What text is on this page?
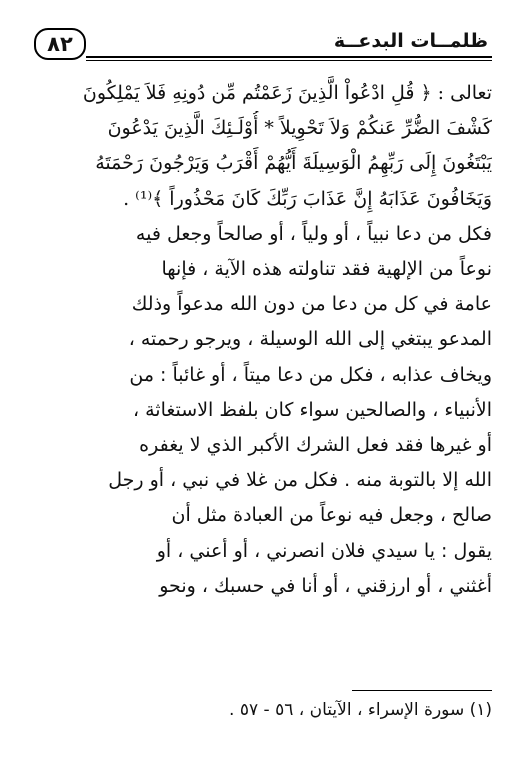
٨٢	ظلمــات البدعــة
تعالى : ﴿ قُلِ ادْعُواْ الَّذِينَ زَعَمْتُم مِّن دُونِهِ فَلاَ يَمْلِكُونَ
كَشْفَ الضُّرِّ عَنكُمْ وَلاَ تَحْوِيلاً * أُوْلَـئِكَ الَّذِينَ يَدْعُونَ
يَبْتَغُونَ إِلَى رَبِّهِمُ الْوَسِيلَةَ أَيُّهُمْ أَقْرَبُ وَيَرْجُونَ رَحْمَتَهُ
وَيَخَافُونَ عَذَابَهُ إِنَّ عَذَابَ رَبِّكَ كَانَ مَحْذُوراً ﴾⁽¹⁾ .
فكل من دعا نبياً ، أو ولياً ، أو صالحاً وجعل فيه
نوعاً من الإلهية فقد تناولته هذه الآية ، فإنها
عامة في كل من دعا من دون الله مدعواً وذلك
المدعو يبتغي إلى الله الوسيلة ، ويرجو رحمته ،
ويخاف عذابه ، فكل من دعا ميتاً ، أو غائباً : من
الأنبياء ، والصالحين سواء كان بلفظ الاستغاثة ،
أو غيرها فقد فعل الشرك الأكبر الذي لا يغفره
الله إلا بالتوبة منه . فكل من غلا في نبي ، أو رجل
صالح ، وجعل فيه نوعاً من العبادة مثل أن
يقول : يا سيدي فلان انصرني ، أو أعني ، أو
أغثني ، أو ارزقني ، أو أنا في حسبك ، ونحو
(١) سورة الإسراء ، الآيتان ، ٥٦ - ٥٧ .
